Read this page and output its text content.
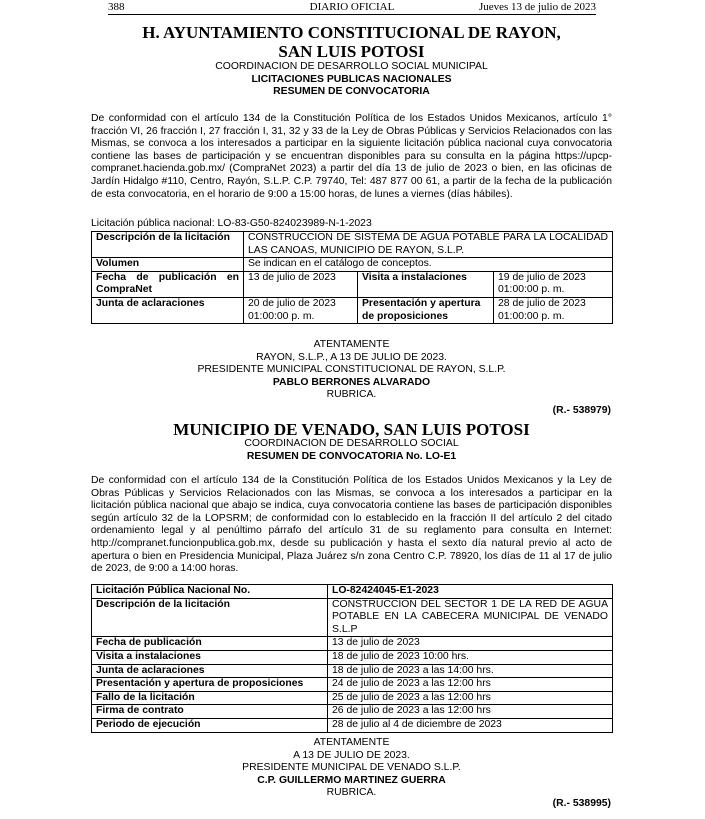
388	DIARIO OFICIAL	Jueves 13 de julio de 2023
H. AYUNTAMIENTO CONSTITUCIONAL DE RAYON,
SAN LUIS POTOSI
COORDINACION DE DESARROLLO SOCIAL MUNICIPAL
LICITACIONES PUBLICAS NACIONALES
RESUMEN DE CONVOCATORIA
De conformidad con el artículo 134 de la Constitución Política de los Estados Unidos Mexicanos, artículo 1° fracción VI, 26 fracción I, 27 fracción I, 31, 32 y 33 de la Ley de Obras Públicas y Servicios Relacionados con las Mismas, se convoca a los interesados a participar en la siguiente licitación pública nacional cuya convocatoria contiene las bases de participación y se encuentran disponibles para su consulta en la página https://upcp-compranet.hacienda.gob.mx/ (CompraNet 2023) a partir del día 13 de julio de 2023 o bien, en las oficinas de Jardín Hidalgo #110, Centro, Rayón, S.L.P. C.P. 79740, Tel: 487 877 00 61, a partir de la fecha de la publicación de esta convocatoria, en el horario de 9:00 a 15:00 horas, de lunes a viernes (días hábiles).
Licitación pública nacional: LO-83-G50-824023989-N-1-2023
Descripción de la licitación	CONSTRUCCION DE SISTEMA DE AGUA POTABLE PARA LA LOCALIDAD LAS CANOAS, MUNICIPIO DE RAYON, S.L.P.		
Volumen	Se indican en el catálogo de conceptos.		
Fecha de publicación en CompraNet	13 de julio de 2023	Visita a instalaciones	19 de julio de 2023 01:00:00 p. m.
Junta de aclaraciones	20 de julio de 2023 01:00:00 p. m.	Presentación y apertura de proposiciones	28 de julio de 2023 01:00:00 p. m.
ATENTAMENTE
RAYON, S.L.P., A 13 DE JULIO DE 2023.
PRESIDENTE MUNICIPAL CONSTITUCIONAL DE RAYON, S.L.P.
PABLO BERRONES ALVARADO
RUBRICA.
(R.- 538979)
MUNICIPIO DE VENADO, SAN LUIS POTOSI
COORDINACION DE DESARROLLO SOCIAL
RESUMEN DE CONVOCATORIA No. LO-E1
De conformidad con el artículo 134 de la Constitución Política de los Estados Unidos Mexicanos y la Ley de Obras Públicas y Servicios Relacionados con las Mismas, se convoca a los interesados a participar en la licitación pública nacional que abajo se indica, cuya convocatoria contiene las bases de participación disponibles según artículo 32 de la LOPSRM; de conformidad con lo establecido en la fracción II del artículo 2 del citado ordenamiento legal y al penúltimo párrafo del artículo 31 de su reglamento para consulta en Internet: http://compranet.funcionpublica.gob.mx, desde su publicación y hasta el sexto día natural previo al acto de apertura o bien en Presidencia Municipal, Plaza Juárez s/n zona Centro C.P. 78920, los días de 11 al 17 de julio de 2023, de 9:00 a 14:00 horas.
Licitación Pública Nacional No.	LO-82424045-E1-2023
Descripción de la licitación	CONSTRUCCION DEL SECTOR 1 DE LA RED DE AGUA POTABLE EN LA CABECERA MUNICIPAL DE VENADO S.L.P
Fecha de publicación	13 de julio de 2023
Visita a instalaciones	18 de julio de 2023 10:00 hrs.
Junta de aclaraciones	18 de julio de 2023 a las 14:00 hrs.
Presentación y apertura de proposiciones	24 de julio de 2023 a las 12:00 hrs
Fallo de la licitación	25 de julio de 2023 a las 12:00 hrs
Firma de contrato	26 de julio de 2023 a las 12:00 hrs
Periodo de ejecución	28 de julio al 4 de diciembre de 2023
ATENTAMENTE
A 13 DE JULIO DE 2023.
PRESIDENTE MUNICIPAL DE VENADO S.L.P.
C.P. GUILLERMO MARTINEZ GUERRA
RUBRICA.
(R.- 538995)
